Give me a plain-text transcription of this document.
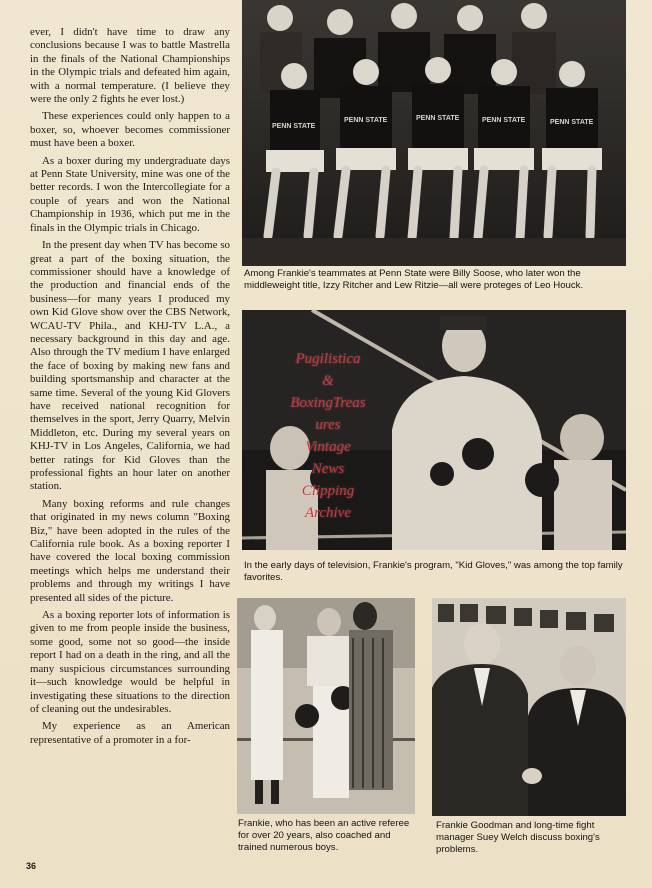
ever, I didn't have time to draw any conclusions because I was to battle Mastrella in the finals of the National Championships in the Olympic trials and defeated him again, with a normal temperature. (I believe they were the only 2 fights he ever lost.)

These experiences could only happen to a boxer, so, whoever becomes commissioner must have been a boxer.

As a boxer during my undergraduate days at Penn State University, mine was one of the better records. I won the Intercollegiate for a couple of years and won the National Championship in 1936, which put me in the finals in the Olympic trials in Chicago.

In the present day when TV has become so great a part of the boxing situation, the commissioner should have a knowledge of the production and financial ends of the business—for many years I produced my own Kid Glove show over the CBS Network, WCAU-TV Phila., and KHJ-TV L.A., a necessary background in this day and age. Also through the TV medium I have enlarged the face of boxing by making new fans and building sportsmanship and character at the same time. Several of the young Kid Glovers have received national recognition for themselves in the sport, Jerry Quarry, Melvin Middleton, etc. During my several years on KHJ-TV in Los Angeles, California, we had better ratings for Kid Gloves than the professional fights an hour later on another station.

Many boxing reforms and rule changes that originated in my news column "Boxing Biz," have been adopted in the rules of the California rule book. As a boxing reporter I have covered the local boxing commission meetings which helps me understand their problems and through my writings I have presented all sides of the picture.

As a boxing reporter lots of information is given to me from people inside the business, some good, some not so good—the inside report I had on a death in the ring, and all the many suspicious circumstances surrounding it—such knowledge would be helpful in investigating these situations to the direction of cleaning out the undesirables.

My experience as an American representative of a promoter in a for-

PENN STATE
PENN STATE	PENN STATE	PENN STATE	PENN STATE
Among Frankie's teammates at Penn State were Billy Soose, who later won the middleweight title, Izzy Ritcher and Lew Ritzie—all were proteges of Leo Houck.
In the early days of television, Frankie's program, "Kid Gloves," was among the top family favorites.
Frankie, who has been an active referee for over 20 years, also coached and trained numerous boys.
Frankie Goodman and long-time fight manager Suey Welch discuss boxing's problems.
Pugilistica
&
BoxingTreas
ures
Vintage
News
Clipping
Archive
36
